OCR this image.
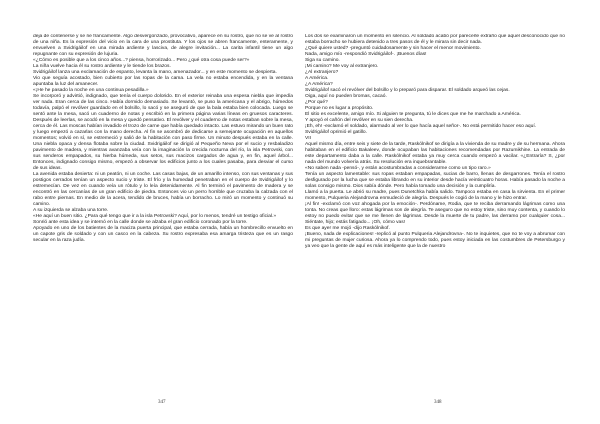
deja de contenerse y se rie francamente. Algo desvergonzado, provocativo, aparece en su rostro, que no se ve al rostro de una niña. Es la expresión del vicio en la cara de una prostituta. Y los ojos se abren francamente, enteramente, y envuelven a Svidrigáilof en una mirada ardiente y lasciva, de alegre invitación... La carita infantil tiene un algo repugnante con su expresión de lujuria.

«¿Cómo es posible que a los cinco años...? piensa, horrorizado... Pero ¿qué otra cosa puede ser?»

La niña vuelve hacia él su rostro ardiente y le tiende los brazos.

Svidrigáilof lanza una exclamación de espanto, levanta la mano, amenazador... y en este momento se despierta.

Vio que seguía acostado, bien cubierto por las ropas de la cama. La vela no estaba encendida, y en la ventana apuntaba la luz del amanecer.

«¡He he pasado la noche en una continua pesadilla.»

Se incorporó y advirtió, indignado, que tenía el cuerpo dolorido. En el exterior reinaba una espesa niebla que impedía ver nada. Eran cerca de las cinco. Había dormido demasiado. Se levantó, se puso la americana y el abrigo, húmedos todavía, palpó el revólver guardado en el bolsillo, lo sacó y se aseguró de que la bala estaba bien colocada. Luego se sentó ante la mesa, sacó un cuaderno de notas y escribió en la primera página varias líneas en gruesos caracteres. Después de leerlas, se acodó en la mesa y quedó pensativo. El revólver y el cuaderno de notas estaban sobre la mesa, cerca de él. Las moscas habían invadido el trozo de carne que había quedado intacto. Las estuvo mirando un buen rato y luego empezó a cazarlas con la mano derecha. Al fin se asombró de dedicarse a semejante ocupación en aquellos momentos; volvió en sí, se estremeció y salió de la habitación con paso firme. Un minuto después estaba en la calle. Una niebla opaca y densa flotaba sobre la ciudad. Svidrigáilof se dirigió al Pequeño Neva por el sucio y resbaladizo pavimento de madera, y mientras avanzaba veía con la imaginación la crecida nocturna del río, la isla Petrovski, con sus senderos empapados, su hierba húmeda, sus setos, sus macizos cargados de agua y, en fin, aquel árbol... Entonces, indignado consigo mismo, empezó a observar los edificios junto a los cuales pasaba, para desviar el curso de sus ideas.

La avenida estaba desierta: ni un peatón, ni un coche. Las casas bajas, de un amarillo intenso, con sus ventanas y sus postigos cerrados tenían un aspecto sucio y triste. El frío y la humedad penetraban en el cuerpo de Svidrigáilof y lo estremecían. De vez en cuando veía un rótulo y lo leía detenidamente. Al fin terminó el pavimento de madera y se encontró en las cercanías de un gran edificio de piedra. Entonces vio un perro horrible que cruzaba la calzada con el rabo entre piernas. En medio de la acera, tendido de bruces, había un borracho. Lo miró un momento y continuó su camino.

A su izquierda se alzaba una torre.

«He aquí un buen sitio. ¿Para qué tengo que ir a la isla Petrovski? Aquí, por lo menos, tendré un testigo oficial.»

Sonrió ante esta idea y se internó en la calle donde se alzaba el gran edificio coronado por la torre.

Apoyado en uno de los batientes de la maciza puerta principal, que estaba cerrada, había un hombrecillo envuelto en un capote gris de soldado y con un casco en la cabeza. Su rostro expresaba esa amarga tristeza que es un rasgo secular en la raza judía.

Los dos se examinaron un momento en silencio. Al soldado acabó por parecerle extraño que aquel desconocido que no estaba borracho se hubiera detenido a tres pasos de él y le mirara sin decir nada.

¿Qué quiere usted? -preguntó cuidadosamente y sin hacer el menor movimiento.

Nada, amigo mío -respondió Svidrigáilof-. ¡Buenos días!

Siga su camino.

¡Mi camino? Me voy al extranjero.

¿Al extranjero?

A América.

¿A América?

Svidrigáilof sacó el revólver del bolsillo y lo preparó para disparar. El soldado arqueó las cejas.

Oiga, aquí no pueden bromas, cacaó.

¿Por qué?

Porque no es lugar a propósito.

El sitio es excelente, amigo mío. Si alguien te pregunta, tú le dices que me he marchado a América.

Y apoyó el cañón del revólver en su sien derecha.

¡Eh, eh! -exclamó el soldado, alarmado al ver lo que hacía aquel señor-. No está permitido hacer eso aquí.

Svidrigáilof oprimió el gatillo.

VII

Aquel mismo día, entre seis y siete de la tarde, Raskólnikof se dirigía a la vivienda de su madre y de su hermana. Ahora habitaban en el edificio Bakaleev, donde ocupaban las habitaciones recomendadas por Razumikhine. La entrada de este departamento daba a la calle. Raskólnikof estaba ya muy cerca cuando empezó a vacilar. «¿Entraría? S, ¿por nada del mundo volvería atrás. Su resolución era inquebrantable.

«No saben nada -pensó-, y están acostumbradas a considerarme como un tipo raro.»

Tenía un aspecto lamentable: sus ropas estaban empapadas, sucias de barro, llenas de desgarrones. Tenía el rostro desfigurado por la lucha que se estaba librando en su interior desde hacía veinticuatro horas. Había pasado la noche a solas consigo mismo. Dios sabía dónde. Pero había tomado una decisión y la cumpliría.

Llamó a la puerta. Le abrió su madre, pues Dunetchka había salido. Tampoco estaba en casa la sirvienta. En el primer momento, Pulqueria Alejandrovna enmudeció de alegría. Después le cogió de la mano y le hizo entrar.

¡Al fin! -exclamó con voz ahogada por la emoción-. Perdóname, Rodia, que te reciba derramando lágrimas como una tonta. No creas que lloro: estas lágrimas son de alegría. Te aseguro que no estoy triste, sino muy contenta, y cuando lo estoy no puedo evitar que se me llenen de lágrimas. Desde la muerte de tu padre, las derramo por cualquier cosa... Siéntate, hijo; estás fatigado... ¡Oh, cómo vas!

Es que ayer me mojó -dijo Raskólnikof.

¡Bueno, nada de explicaciones! -replicó al punto Pulqueria Alejandrovna-. No te inquietes, que no te voy a abrumar con mi preguntas de mujer curiosa. Ahora ya lo comprendo todo, pues estoy iniciada en las costumbres de Petersburgo y ya veo que la gente de aquí es más inteligente que la de nuestro

347	348
